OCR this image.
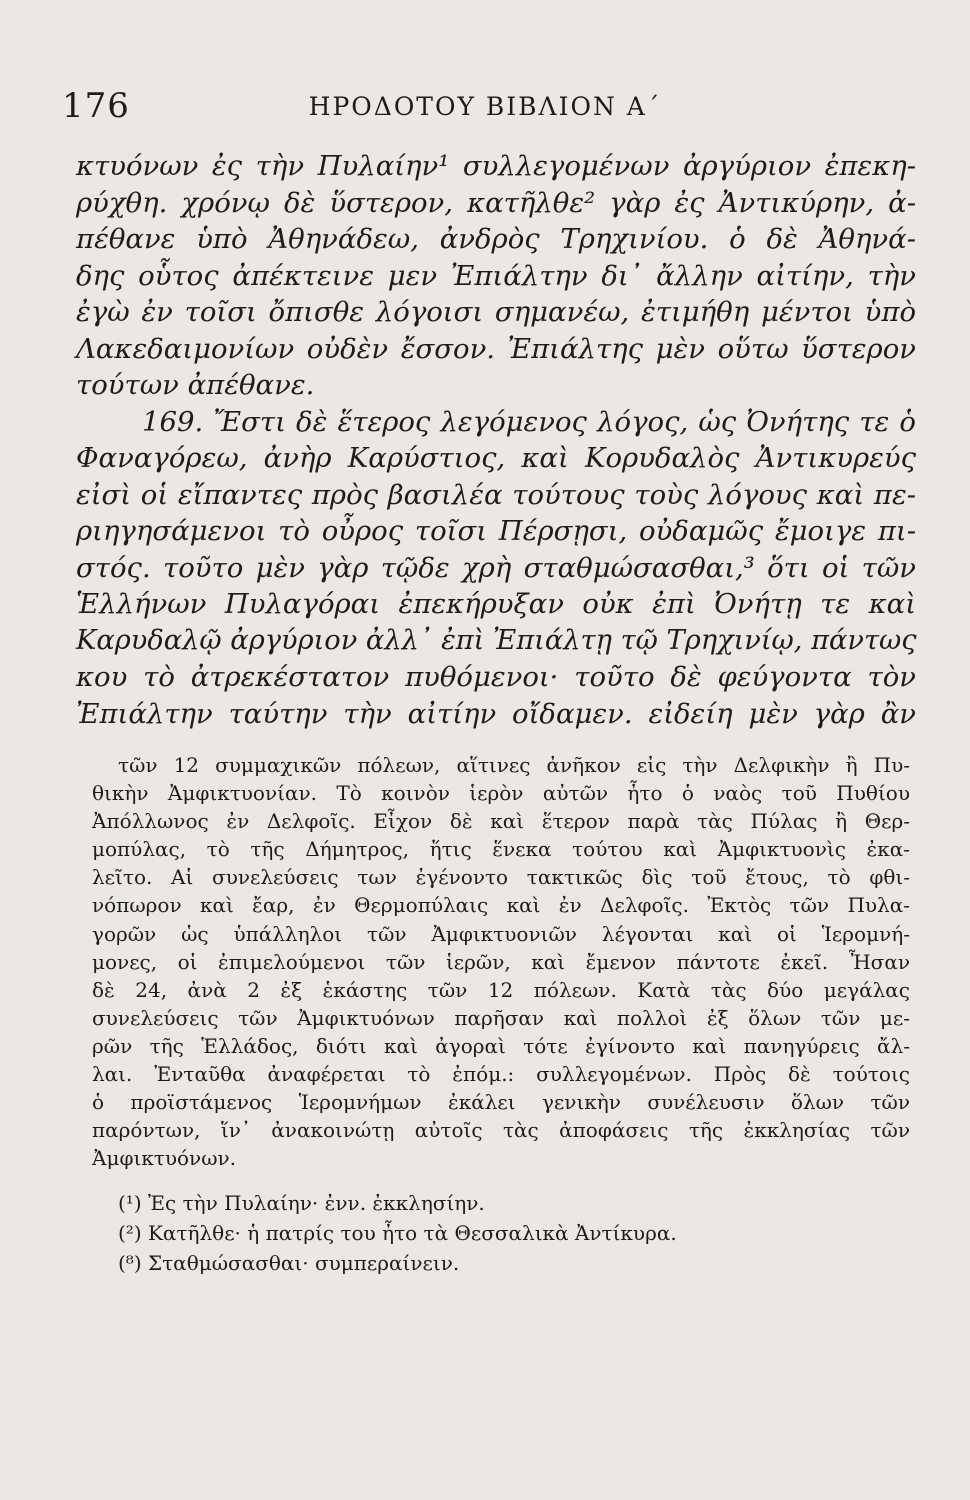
176	ΗΡΟΔΟΤΟΥ ΒΙΒΛΙΟΝ Α΄
κτυόνων ἐς τὴν Πυλαίην¹ συλλεγομένων ἀργύριον ἐπεκη-
ρύχθη. χρόνῳ δὲ ὕστερον, κατῆλθε² γὰρ ἐς Ἀντικύρην, ἀ-
πέθανε ὑπὸ Ἀθηνάδεω, ἀνδρὸς Τρηχινίου. ὁ δὲ Ἀθηνά-
δης οὗτος ἀπέκτεινε μεν Ἐπιάλτην δι᾽ ἄλλην αἰτίην, τὴν
ἐγὼ ἐν τοῖσι ὄπισθε λόγοισι σημανέω, ἐτιμήθη μέντοι ὑπὸ
Λακεδαιμονίων οὐδὲν ἔσσον. Ἐπιάλτης μὲν οὕτω ὕστερον
τούτων ἀπέθανε.
169. Ἔστι δὲ ἕτερος λεγόμενος λόγος, ὡς Ὀνήτης τε ὁ
Φαναγόρεω, ἀνὴρ Καρύστιος, καὶ Κορυδαλὸς Ἀντικυρεύς
εἰσὶ οἱ εἴπαντες πρὸς βασιλέα τούτους τοὺς λόγους καὶ πε-
ριηγησάμενοι τὸ οὖρος τοῖσι Πέρσῃσι, οὐδαμῶς ἔμοιγε πι-
στός. τοῦτο μὲν γὰρ τῷδε χρὴ σταθμώσασθαι,³ ὅτι οἱ τῶν
Ἑλλήνων Πυλαγόραι ἐπεκήρυξαν οὐκ ἐπὶ Ὀνήτῃ τε καὶ
Καρυδαλῷ ἀργύριον ἀλλ᾽ ἐπὶ Ἐπιάλτῃ τῷ Τρηχινίῳ, πάντως
κου τὸ ἀτρεκέστατον πυθόμενοι· τοῦτο δὲ φεύγοντα τὸν
Ἐπιάλτην ταύτην τὴν αἰτίην οἴδαμεν. εἰδείη μὲν γὰρ ἂν
τῶν 12 συμμαχικῶν πόλεων, αἵτινες ἀνῆκον εἰς τὴν Δελφικὴν ἢ Πυ-
θικὴν Ἀμφικτυονίαν. Τὸ κοινὸν ἱερὸν αὐτῶν ἦτο ὁ ναὸς τοῦ Πυθίου
Ἀπόλλωνος ἐν Δελφοῖς. Εἶχον δὲ καὶ ἕτερον παρὰ τὰς Πύλας ἢ Θερ-
μοπύλας, τὸ τῆς Δήμητρος, ἥτις ἕνεκα τούτου καὶ Ἀμφικτυονὶς ἐκα-
λεῖτο. Αἱ συνελεύσεις των ἐγένοντο τακτικῶς δὶς τοῦ ἔτους, τὸ φθι-
νόπωρον καὶ ἔαρ, ἐν Θερμοπύλαις καὶ ἐν Δελφοῖς. Ἐκτὸς τῶν Πυλα-
γορῶν ὡς ὑπάλληλοι τῶν Ἀμφικτυονιῶν λέγονται καὶ οἱ Ἱερομνή-
μονες, οἱ ἐπιμελούμενοι τῶν ἱερῶν, καὶ ἔμενον πάντοτε ἐκεῖ. Ἦσαν
δὲ 24, ἀνὰ 2 ἐξ ἑκάστης τῶν 12 πόλεων. Κατὰ τὰς δύο μεγάλας
συνελεύσεις τῶν Ἀμφικτυόνων παρῆσαν καὶ πολλοὶ ἐξ ὅλων τῶν με-
ρῶν τῆς Ἑλλάδος, διότι καὶ ἀγοραὶ τότε ἐγίνοντο καὶ πανηγύρεις ἄλ-
λαι. Ἐνταῦθα ἀναφέρεται τὸ ἐπόμ.: συλλεγομένων. Πρὸς δὲ τούτοις
ὁ προϊστάμενος Ἱερομνήμων ἐκάλει γενικὴν συνέλευσιν ὅλων τῶν
παρόντων, ἵν᾽ ἀνακοινώτῃ αὐτοῖς τὰς ἀποφάσεις τῆς ἐκκλησίας τῶν
Ἀμφικτυόνων.
(¹) Ἐς τὴν Πυλαίην· ἐνν. ἐκκλησίην.
(²) Κατῆλθε· ἡ πατρίς του ἦτο τὰ Θεσσαλικὰ Ἀντίκυρα.
(⁸) Σταθμώσασθαι· συμπεραίνειν.
